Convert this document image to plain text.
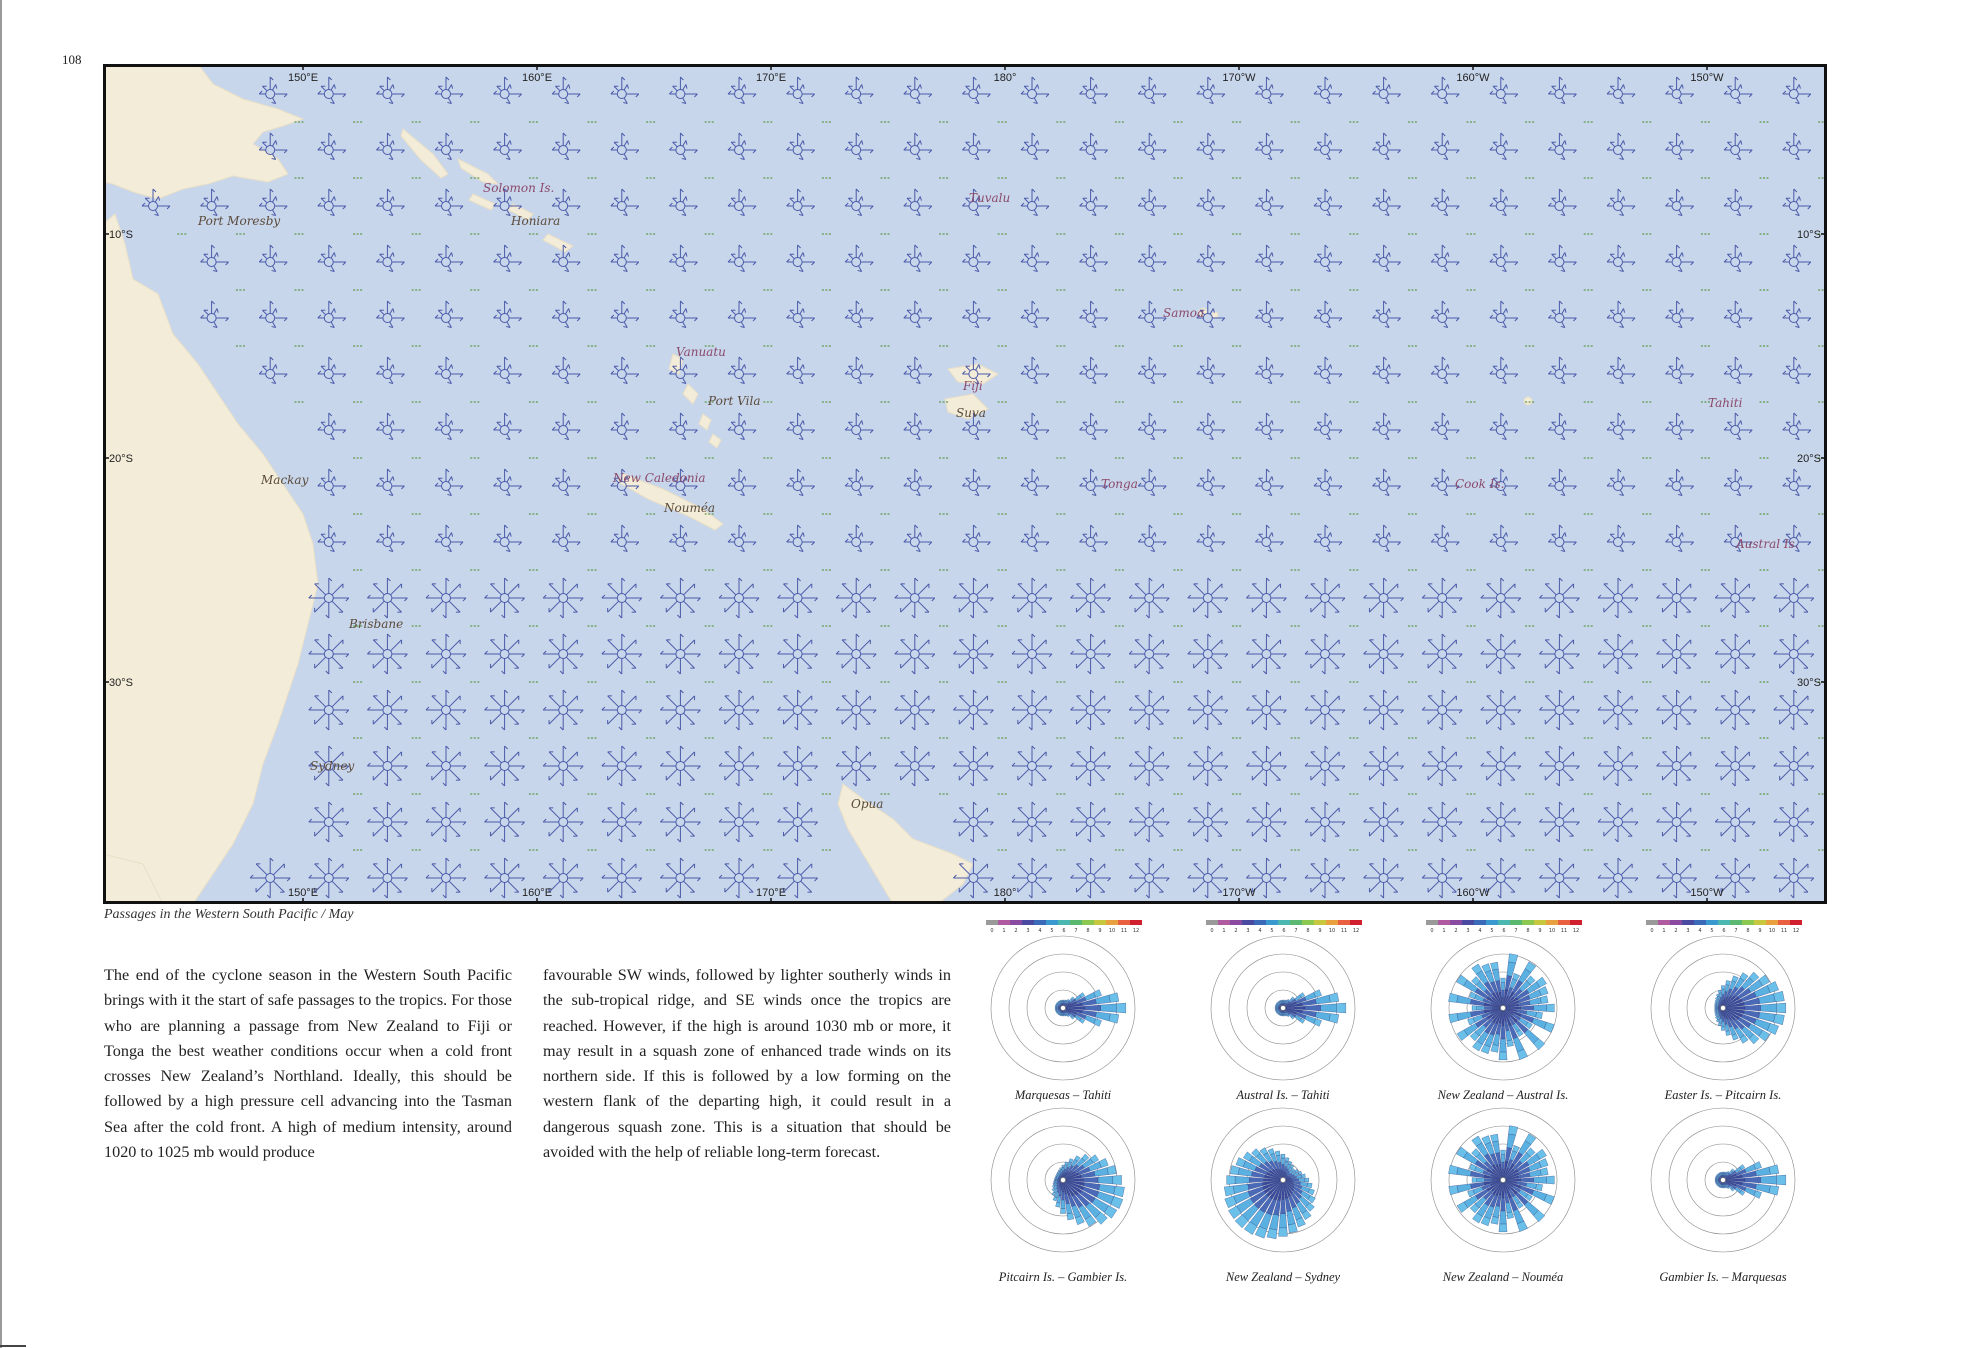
108
Solomon Is.
Port Moresby	Honiara
Tuvalu
Samoa
Vanuatu
Fiji
Port Vila
Suva
Tahiti
Mackay	New Caledonia
Nouméa
Tonga	Cook Is.
Austral Is.
Brisbane
Sydney
Opua
150°E	160°E	170°E	180°	170°W	160°W	150°W
150°E	160°E	170°E	180°	170°W	160°W	150°W
10°S
20°S
30°S
10°S
20°S
30°S
Passages in the Western South Pacific / May

The end of the cyclone season in the Western South Pacific brings with it the start of safe passages to the tropics. For those who are planning a passage from New Zealand to Fiji or Tonga the best weather conditions occur when a cold front crosses New Zealand’s Northland. Ideally, this should be followed by a high pressure cell advancing into the Tasman Sea after the cold front. A high of medium intensity, around 1020 to 1025 mb would produce

favourable SW winds, followed by lighter southerly winds in the sub-tropical ridge, and SE winds once the tropics are reached. However, if the high is around 1030 mb or more, it may result in a squash zone of enhanced trade winds on its northern side. If this is followed by a low forming on the western flank of the departing high, it could result in a dangerous squash zone. This is a situation that should be avoided with the help of reliable long-term forecast.

0 1 2 3 4 5 6 7 8 9 10 11 12
Marquesas – Tahiti
0 1 2 3 4 5 6 7 8 9 10 11 12
Austral Is. – Tahiti
0 1 2 3 4 5 6 7 8 9 10 11 12
New Zealand – Austral Is.
0 1 2 3 4 5 6 7 8 9 10 11 12
Easter Is. – Pitcairn Is.
Pitcairn Is. – Gambier Is.	New Zealand – Sydney	New Zealand – Nouméa	Gambier Is. – Marquesas
